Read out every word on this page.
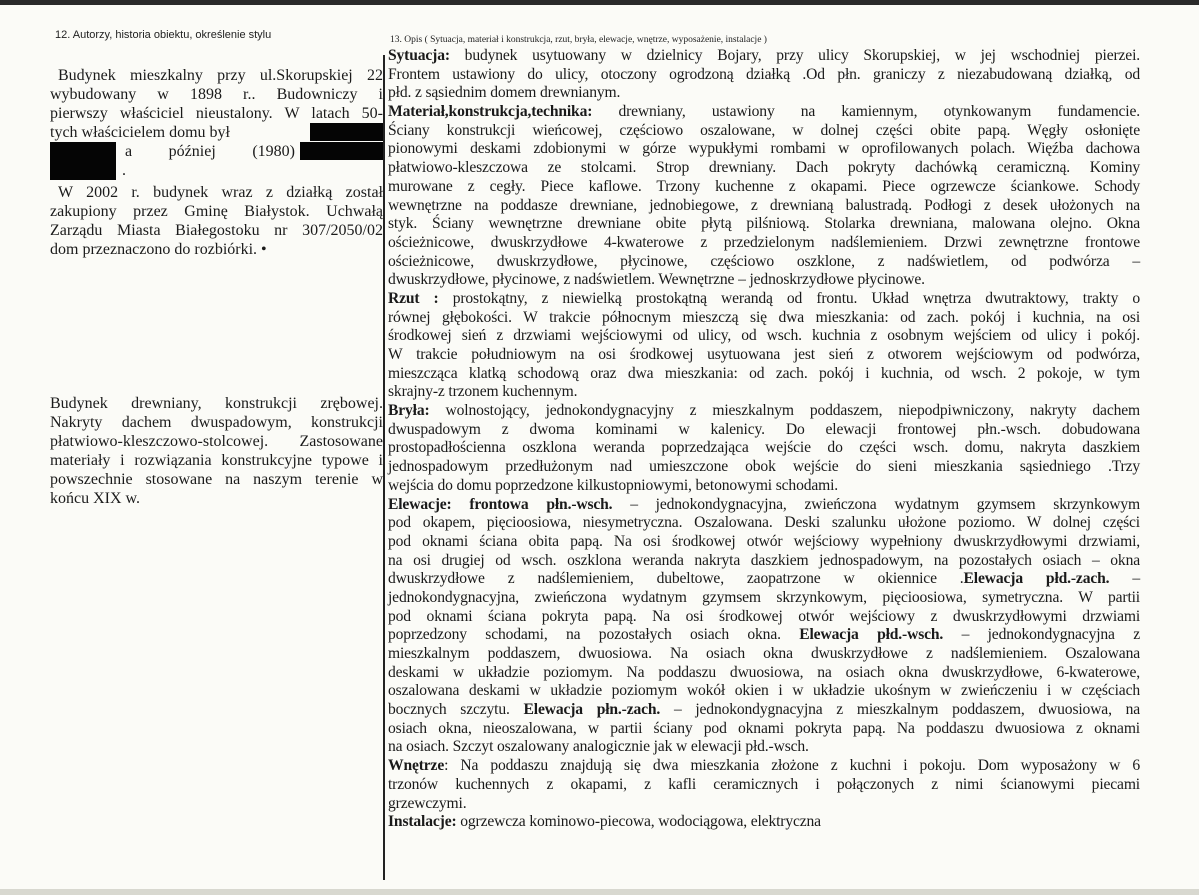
12. Autorzy, historia obiektu, określenie stylu	13. Opis ( Sytuacja, materiał i konstrukcja, rzut, bryła, elewacje, wnętrze, wyposażenie, instalacje )
Budynek mieszkalny przy ul.Skorupskiej 22
wybudowany w 1898 r.. Budowniczy i
pierwszy właściciel nieustalony. W latach 50-
tych właścicielem domu był
a później (1980)
.
W 2002 r. budynek wraz z działką został
zakupiony przez Gminę Białystok. Uchwałą
Zarządu Miasta Białegostoku nr 307/2050/02
dom przeznaczono do rozbiórki. •
Budynek drewniany, konstrukcji zrębowej.
Nakryty dachem dwuspadowym, konstrukcji
płatwiowo-kleszczowo-stolcowej. Zastosowane
materiały i rozwiązania konstrukcyjne typowe i
powszechnie stosowane na naszym terenie w
końcu XIX w.
Sytuacja: budynek usytuowany w dzielnicy Bojary, przy ulicy Skorupskiej, w jej wschodniej pierzei.
Frontem ustawiony do ulicy, otoczony ogrodzoną działką .Od płn. graniczy z niezabudowaną działką, od
płd. z sąsiednim domem drewnianym.
Materiał,konstrukcja,technika: drewniany, ustawiony na kamiennym, otynkowanym fundamencie.
Ściany konstrukcji wieńcowej, częściowo oszalowane, w dolnej części obite papą. Węgły osłonięte
pionowymi deskami zdobionymi w górze wypukłymi rombami w oprofilowanych polach. Więźba dachowa
płatwiowo-kleszczowa ze stolcami. Strop drewniany. Dach pokryty dachówką ceramiczną. Kominy
murowane z cegły. Piece kaflowe. Trzony kuchenne z okapami. Piece ogrzewcze ściankowe. Schody
wewnętrzne na poddasze drewniane, jednobiegowe, z drewnianą balustradą. Podłogi z desek ułożonych na
styk. Ściany wewnętrzne drewniane obite płytą pilśniową. Stolarka drewniana, malowana olejno. Okna
ościeżnicowe, dwuskrzydłowe 4-kwaterowe z przedzielonym nadślemieniem. Drzwi zewnętrzne frontowe
ościeżnicowe, dwuskrzydłowe, płycinowe, częściowo oszklone, z nadświetlem, od podwórza –
dwuskrzydłowe, płycinowe, z nadświetlem. Wewnętrzne – jednoskrzydłowe płycinowe.
Rzut : prostokątny, z niewielką prostokątną werandą od frontu. Układ wnętrza dwutraktowy, trakty o
równej głębokości. W trakcie północnym mieszczą się dwa mieszkania: od zach. pokój i kuchnia, na osi
środkowej sień z drzwiami wejściowymi od ulicy, od wsch. kuchnia z osobnym wejściem od ulicy i pokój.
W trakcie południowym na osi środkowej usytuowana jest sień z otworem wejściowym od podwórza,
mieszcząca klatką schodową oraz dwa mieszkania: od zach. pokój i kuchnia, od wsch. 2 pokoje, w tym
skrajny-z trzonem kuchennym.
Bryła: wolnostojący, jednokondygnacyjny z mieszkalnym poddaszem, niepodpiwniczony, nakryty dachem
dwuspadowym z dwoma kominami w kalenicy. Do elewacji frontowej płn.-wsch. dobudowana
prostopadłościenna oszklona weranda poprzedzająca wejście do części wsch. domu, nakryta daszkiem
jednospadowym przedłużonym nad umieszczone obok wejście do sieni mieszkania sąsiedniego .Trzy
wejścia do domu poprzedzone kilkustopniowymi, betonowymi schodami.
Elewacje: frontowa płn.-wsch. – jednokondygnacyjna, zwieńczona wydatnym gzymsem skrzynkowym
pod okapem, pięcioosiowa, niesymetryczna. Oszalowana. Deski szalunku ułożone poziomo. W dolnej części
pod oknami ściana obita papą. Na osi środkowej otwór wejściowy wypełniony dwuskrzydłowymi drzwiami,
na osi drugiej od wsch. oszklona weranda nakryta daszkiem jednospadowym, na pozostałych osiach – okna
dwuskrzydłowe z nadślemieniem, dubeltowe, zaopatrzone w okiennice .Elewacja płd.-zach. –
jednokondygnacyjna, zwieńczona wydatnym gzymsem skrzynkowym, pięcioosiowa, symetryczna. W partii
pod oknami ściana pokryta papą. Na osi środkowej otwór wejściowy z dwuskrzydłowymi drzwiami
poprzedzony schodami, na pozostałych osiach okna. Elewacja płd.-wsch. – jednokondygnacyjna z
mieszkalnym poddaszem, dwuosiowa. Na osiach okna dwuskrzydłowe z nadślemieniem. Oszalowana
deskami w układzie poziomym. Na poddaszu dwuosiowa, na osiach okna dwuskrzydłowe, 6-kwaterowe,
oszalowana deskami w układzie poziomym wokół okien i w układzie ukośnym w zwieńczeniu i w częściach
bocznych szczytu. Elewacja płn.-zach. – jednokondygnacyjna z mieszkalnym poddaszem, dwuosiowa, na
osiach okna, nieoszalowana, w partii ściany pod oknami pokryta papą. Na poddaszu dwuosiowa z oknami
na osiach. Szczyt oszalowany analogicznie jak w elewacji płd.-wsch.
Wnętrze: Na poddaszu znajdują się dwa mieszkania złożone z kuchni i pokoju. Dom wyposażony w 6
trzonów kuchennych z okapami, z kafli ceramicznych i połączonych z nimi ścianowymi piecami
grzewczymi.
Instalacje: ogrzewcza kominowo-piecowa, wodociągowa, elektryczna
